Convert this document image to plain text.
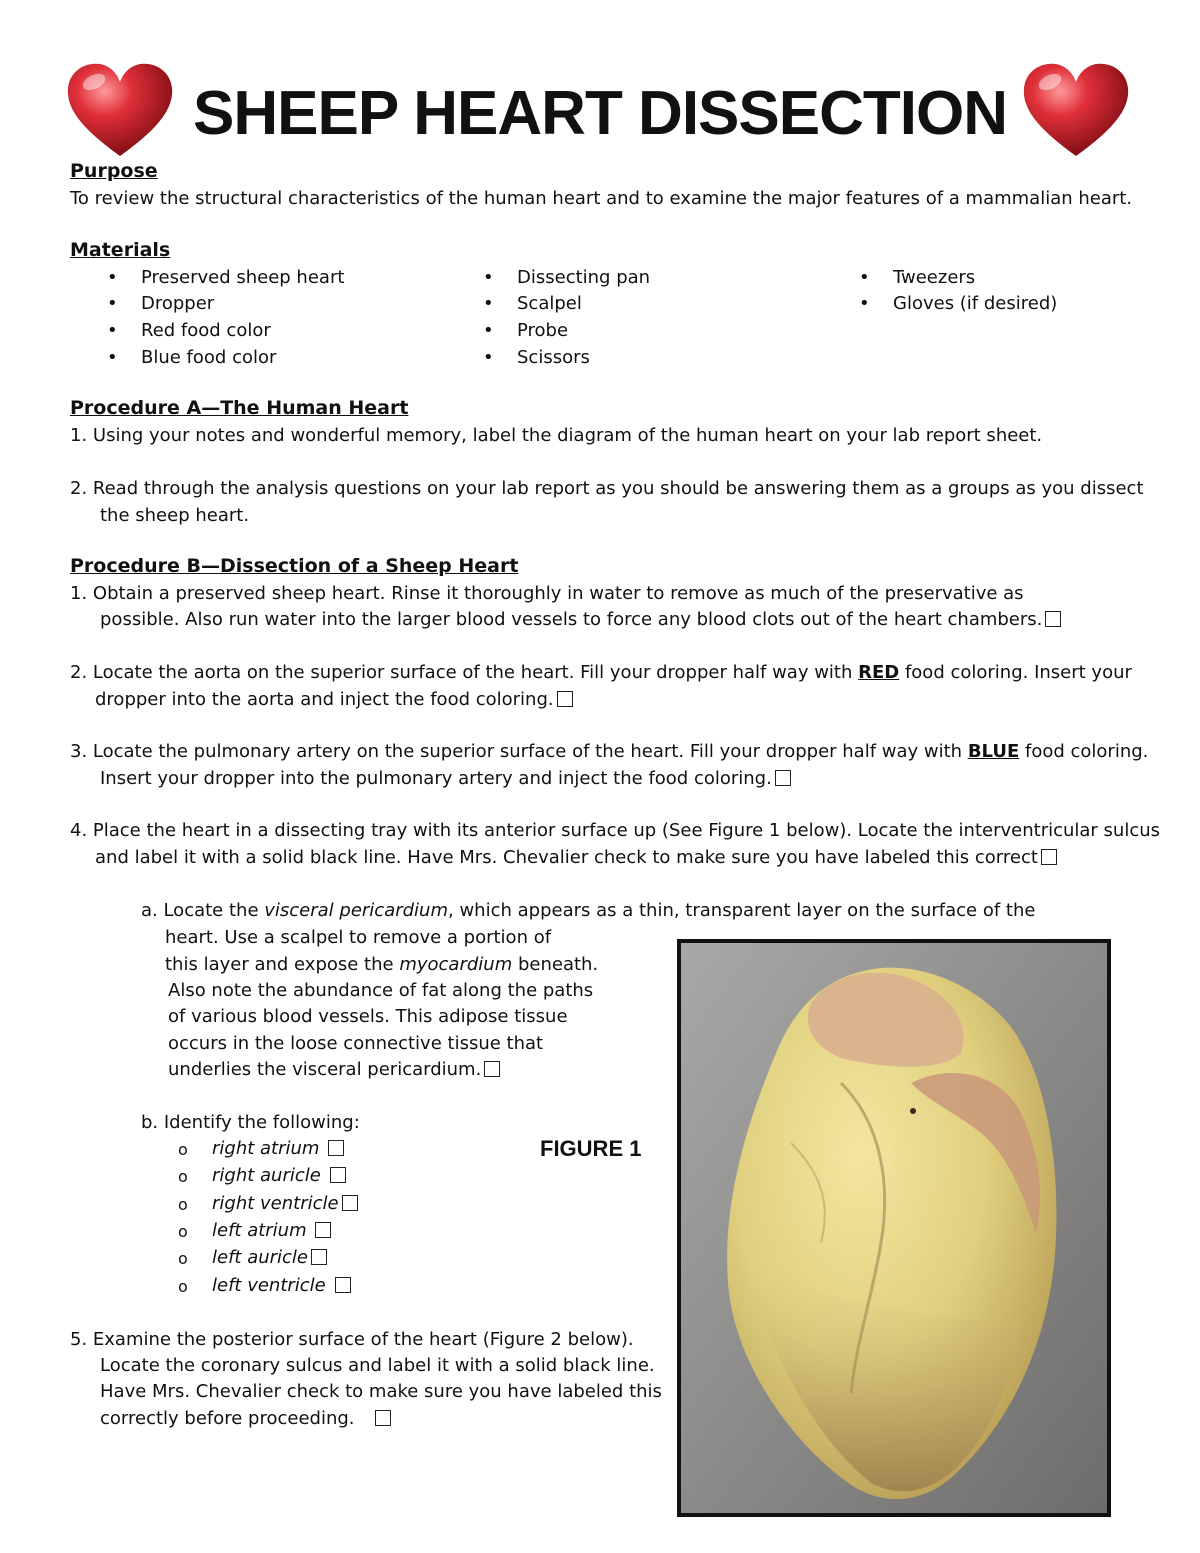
SHEEP HEART DISSECTION
Purpose
To review the structural characteristics of the human heart and to examine the major features of a mammalian heart.
Materials
• Preserved sheep heart
• Dropper
• Red food color
• Blue food color
• Dissecting pan
• Scalpel
• Probe
• Scissors
• Tweezers
• Gloves (if desired)
Procedure A—The Human Heart
1. Using your notes and wonderful memory, label the diagram of the human heart on your lab report sheet.
2. Read through the analysis questions on your lab report as you should be answering them as a groups as you dissect
the sheep heart.
Procedure B—Dissection of a Sheep Heart
1. Obtain a preserved sheep heart. Rinse it thoroughly in water to remove as much of the preservative as
possible. Also run water into the larger blood vessels to force any blood clots out of the heart chambers.
2. Locate the aorta on the superior surface of the heart. Fill your dropper half way with RED food coloring. Insert your
dropper into the aorta and inject the food coloring.
3. Locate the pulmonary artery on the superior surface of the heart. Fill your dropper half way with BLUE food coloring.
Insert your dropper into the pulmonary artery and inject the food coloring.
4. Place the heart in a dissecting tray with its anterior surface up (See Figure 1 below). Locate the interventricular sulcus
and label it with a solid black line. Have Mrs. Chevalier check to make sure you have labeled this correct
a. Locate the visceral pericardium, which appears as a thin, transparent layer on the surface of the
heart. Use a scalpel to remove a portion of
this layer and expose the myocardium beneath.
Also note the abundance of fat along the paths
of various blood vessels. This adipose tissue
occurs in the loose connective tissue that
underlies the visceral pericardium.
b. Identify the following:
o right atrium
o right auricle
o right ventricle
o left atrium
o left auricle
o left ventricle
FIGURE 1
5. Examine the posterior surface of the heart (Figure 2 below).
Locate the coronary sulcus and label it with a solid black line.
Have Mrs. Chevalier check to make sure you have labeled this
correctly before proceeding.
